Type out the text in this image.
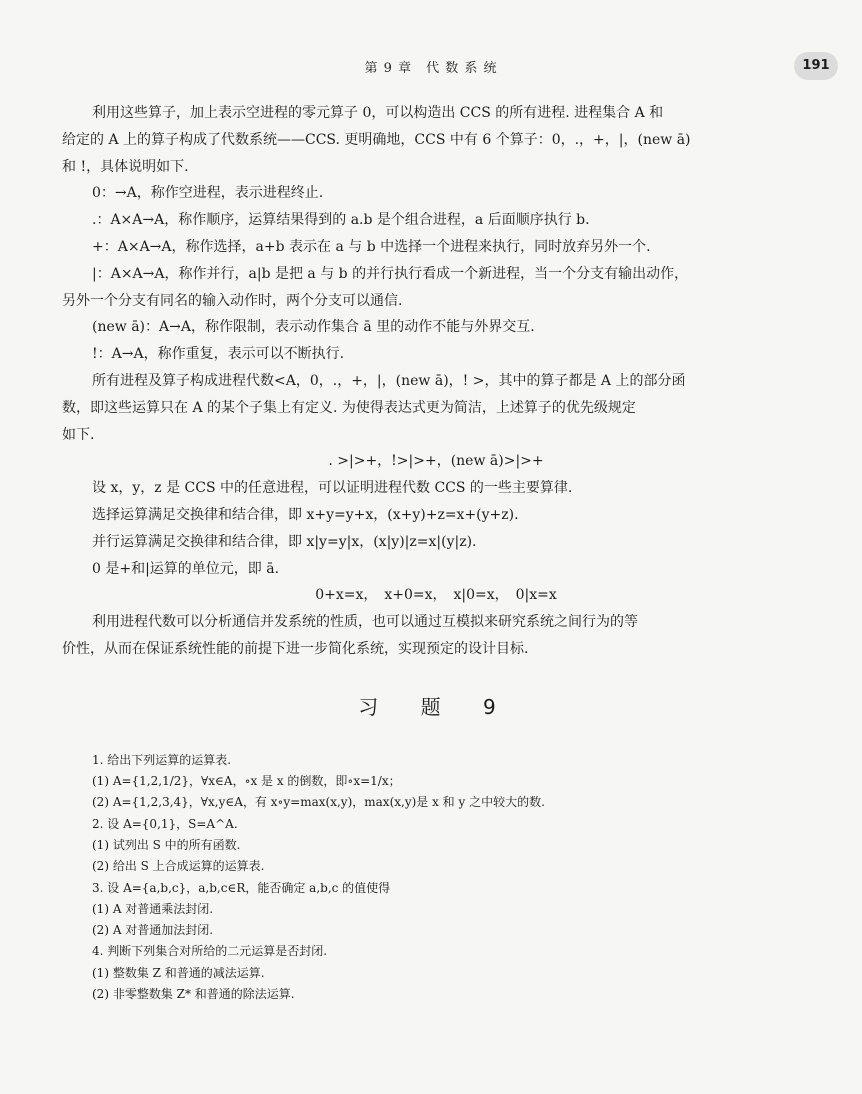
第 9 章　代 数 系 统	191

利用这些算子，加上表示空进程的零元算子 0，可以构造出 CCS 的所有进程. 进程集合 A 和

给定的 A 上的算子构成了代数系统——CCS. 更明确地，CCS 中有 6 个算子：0，.，+，|，(new ā)

和 !，具体说明如下.

0：→A，称作空进程，表示进程终止.

.：A×A→A，称作顺序，运算结果得到的 a.b 是个组合进程，a 后面顺序执行 b.

+：A×A→A，称作选择，a+b 表示在 a 与 b 中选择一个进程来执行，同时放弃另外一个.

|：A×A→A，称作并行，a|b 是把 a 与 b 的并行执行看成一个新进程，当一个分支有输出动作，

另外一个分支有同名的输入动作时，两个分支可以通信.

(new ā)：A→A，称作限制，表示动作集合 ā 里的动作不能与外界交互.

!：A→A，称作重复，表示可以不断执行.

所有进程及算子构成进程代数<A，0，.，+，|，(new ā)，! >，其中的算子都是 A 上的部分函

数，即这些运算只在 A 的某个子集上有定义. 为使得表达式更为简洁，上述算子的优先级规定

如下.

. >|>+，!>|>+，(new ā)>|>+

设 x，y，z 是 CCS 中的任意进程，可以证明进程代数 CCS 的一些主要算律.

选择运算满足交换律和结合律，即 x+y=y+x，(x+y)+z=x+(y+z).

并行运算满足交换律和结合律，即 x|y=y|x，(x|y)|z=x|(y|z).

0 是+和|运算的单位元，即 ā.

0+x=x，　x+0=x，　x|0=x，　0|x=x

利用进程代数可以分析通信并发系统的性质，也可以通过互模拟来研究系统之间行为的等

价性，从而在保证系统性能的前提下进一步简化系统，实现预定的设计目标.

习 题 9

1. 给出下列运算的运算表.

(1) A={1,2,1/2}，∀x∈A，∘x 是 x 的倒数，即∘x=1/x；

(2) A={1,2,3,4}，∀x,y∈A，有 x∘y=max(x,y)，max(x,y)是 x 和 y 之中较大的数.

2. 设 A={0,1}，S=A^A.

(1) 试列出 S 中的所有函数.

(2) 给出 S 上合成运算的运算表.

3. 设 A={a,b,c}，a,b,c∈R，能否确定 a,b,c 的值使得

(1) A 对普通乘法封闭.

(2) A 对普通加法封闭.

4. 判断下列集合对所给的二元运算是否封闭.

(1) 整数集 Z 和普通的减法运算.

(2) 非零整数集 Z* 和普通的除法运算.
